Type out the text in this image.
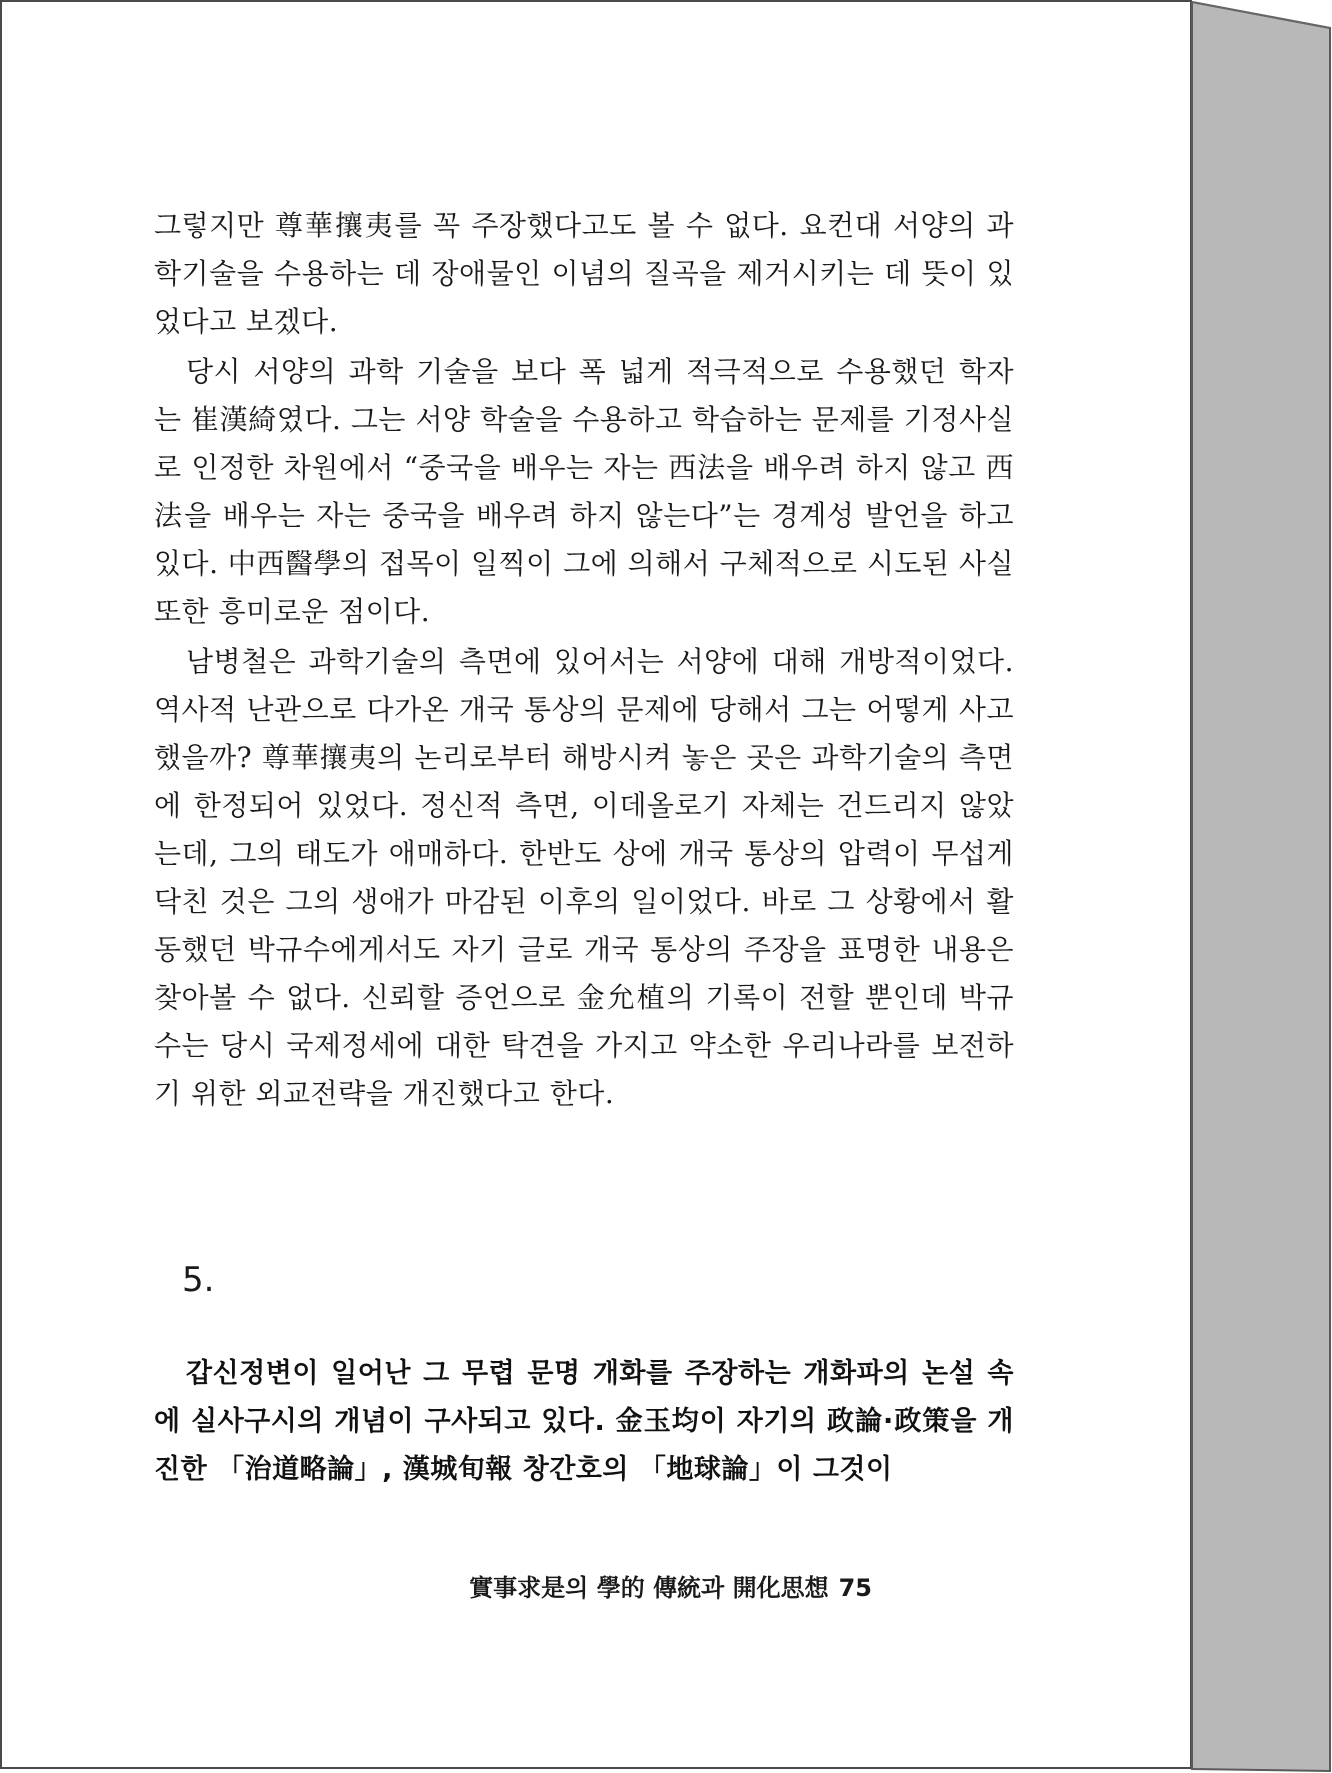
그렇지만 尊華攘夷를 꼭 주장했다고도 볼 수 없다. 요컨대 서양의 과학기술을 수용하는 데 장애물인 이념의 질곡을 제거시키는 데 뜻이 있었다고 보겠다.

당시 서양의 과학 기술을 보다 폭 넓게 적극적으로 수용했던 학자는 崔漢綺였다. 그는 서양 학술을 수용하고 학습하는 문제를 기정사실로 인정한 차원에서 “중국을 배우는 자는 西法을 배우려 하지 않고 西法을 배우는 자는 중국을 배우려 하지 않는다”는 경계성 발언을 하고 있다. 中西醫學의 접목이 일찍이 그에 의해서 구체적으로 시도된 사실 또한 흥미로운 점이다.

남병철은 과학기술의 측면에 있어서는 서양에 대해 개방적이었다. 역사적 난관으로 다가온 개국 통상의 문제에 당해서 그는 어떻게 사고했을까? 尊華攘夷의 논리로부터 해방시켜 놓은 곳은 과학기술의 측면에 한정되어 있었다. 정신적 측면, 이데올로기 자체는 건드리지 않았는데, 그의 태도가 애매하다. 한반도 상에 개국 통상의 압력이 무섭게 닥친 것은 그의 생애가 마감된 이후의 일이었다. 바로 그 상황에서 활동했던 박규수에게서도 자기 글로 개국 통상의 주장을 표명한 내용은 찾아볼 수 없다. 신뢰할 증언으로 金允植의 기록이 전할 뿐인데 박규수는 당시 국제정세에 대한 탁견을 가지고 약소한 우리나라를 보전하기 위한 외교전략을 개진했다고 한다.

5.

갑신정변이 일어난 그 무렵 문명 개화를 주장하는 개화파의 논설 속에 실사구시의 개념이 구사되고 있다. 金玉均이 자기의 政論·政策을 개진한 「治道略論」, 漢城旬報 창간호의 「地球論」이 그것이

實事求是의 學的 傳統과 開化思想 75
